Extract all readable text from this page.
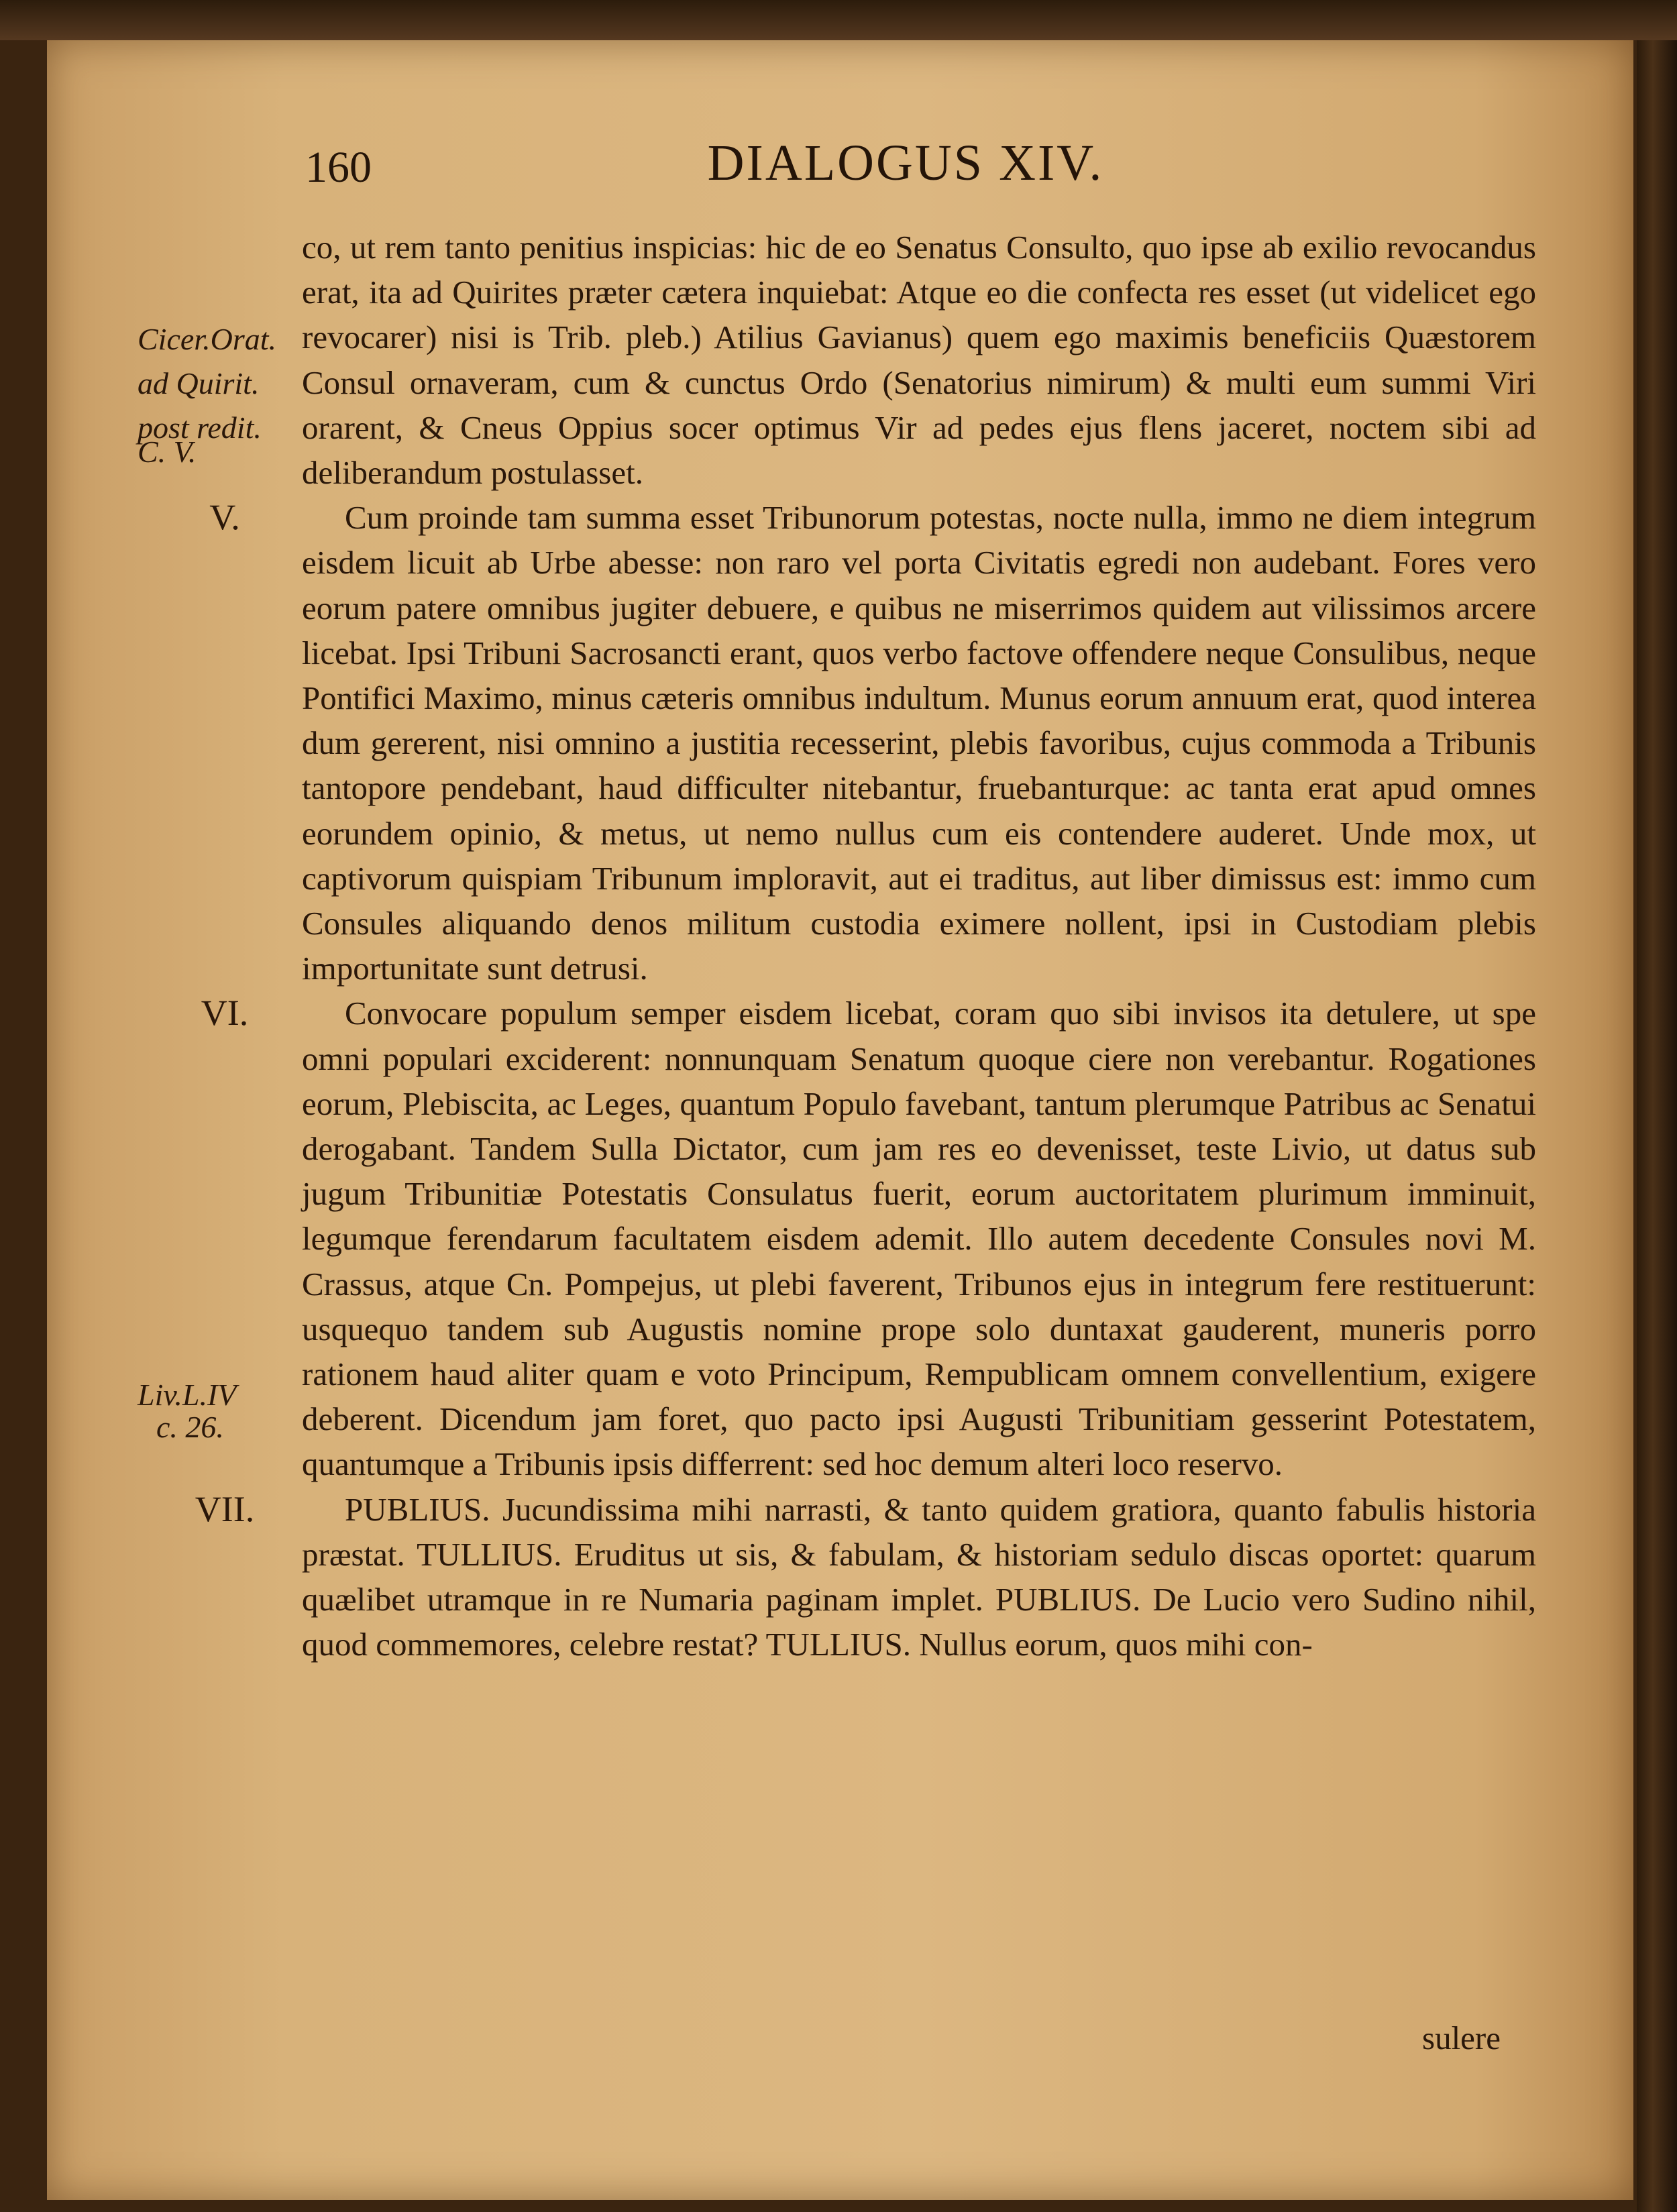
160	DIALOGUS XIV.
Cicer.Orat.
ad Quirit.
post redit.
C. V.
Liv.L.IV
c. 26.

co, ut rem tanto penitius inspicias: hic de eo Senatus Consulto, quo ipse ab exilio revocandus erat, ita ad Quirites præter cætera inquiebat: Atque eo die confecta res esset (ut videlicet ego revocarer) nisi is Trib. pleb.) Atilius Gavianus) quem ego maximis beneficiis Quæstorem Consul ornaveram, cum & cunctus Ordo (Senatorius nimirum) & multi eum summi Viri orarent, & Cneus Oppius socer optimus Vir ad pedes ejus flens jaceret, noctem sibi ad deliberandum postulasset.

V.	Cum proinde tam summa esset Tribunorum potestas, nocte nulla, immo ne diem integrum eisdem licuit ab Urbe abesse: non raro vel porta Civitatis egredi non audebant. Fores vero eorum patere omnibus jugiter debuere, e quibus ne miserrimos quidem aut vilissimos arcere licebat. Ipsi Tribuni Sacrosancti erant, quos verbo factove offendere neque Consulibus, neque Pontifici Maximo, minus cæteris omnibus indultum. Munus eorum annuum erat, quod interea dum gererent, nisi omnino a justitia recesserint, plebis favoribus, cujus commoda a Tribunis tantopore pendebant, haud difficulter nitebantur, fruebanturque: ac tanta erat apud omnes eorundem opinio, & metus, ut nemo nullus cum eis contendere auderet. Unde mox, ut captivorum quispiam Tribunum imploravit, aut ei traditus, aut liber dimissus est: immo cum Consules aliquando denos militum custodia eximere nollent, ipsi in Custodiam plebis importunitate sunt detrusi.

VI.	Convocare populum semper eisdem licebat, coram quo sibi invisos ita detulere, ut spe omni populari exciderent: nonnunquam Senatum quoque ciere non verebantur. Rogationes eorum, Plebiscita, ac Leges, quantum Populo favebant, tantum plerumque Patribus ac Senatui derogabant. Tandem Sulla Dictator, cum jam res eo devenisset, teste Livio, ut datus sub jugum Tribunitiæ Potestatis Consulatus fuerit, eorum auctoritatem plurimum imminuit, legumque ferendarum facultatem eisdem ademit. Illo autem decedente Consules novi M. Crassus, atque Cn. Pompejus, ut plebi faverent, Tribunos ejus in integrum fere restituerunt: usquequo tandem sub Augustis nomine prope solo duntaxat gauderent, muneris porro rationem haud aliter quam e voto Principum, Rempublicam omnem convellentium, exigere deberent. Dicendum jam foret, quo pacto ipsi Augusti Tribunitiam gesserint Potestatem, quantumque a Tribunis ipsis differrent: sed hoc demum alteri loco reservo.

VII.	PUBLIUS. Jucundissima mihi narrasti, & tanto quidem gratiora, quanto fabulis historia præstat. TULLIUS. Eruditus ut sis, & fabulam, & historiam sedulo discas oportet: quarum quælibet utramque in re Numaria paginam implet. PUBLIUS. De Lucio vero Sudino nihil, quod commemores, celebre restat? TULLIUS. Nullus eorum, quos mihi con-

sulere
